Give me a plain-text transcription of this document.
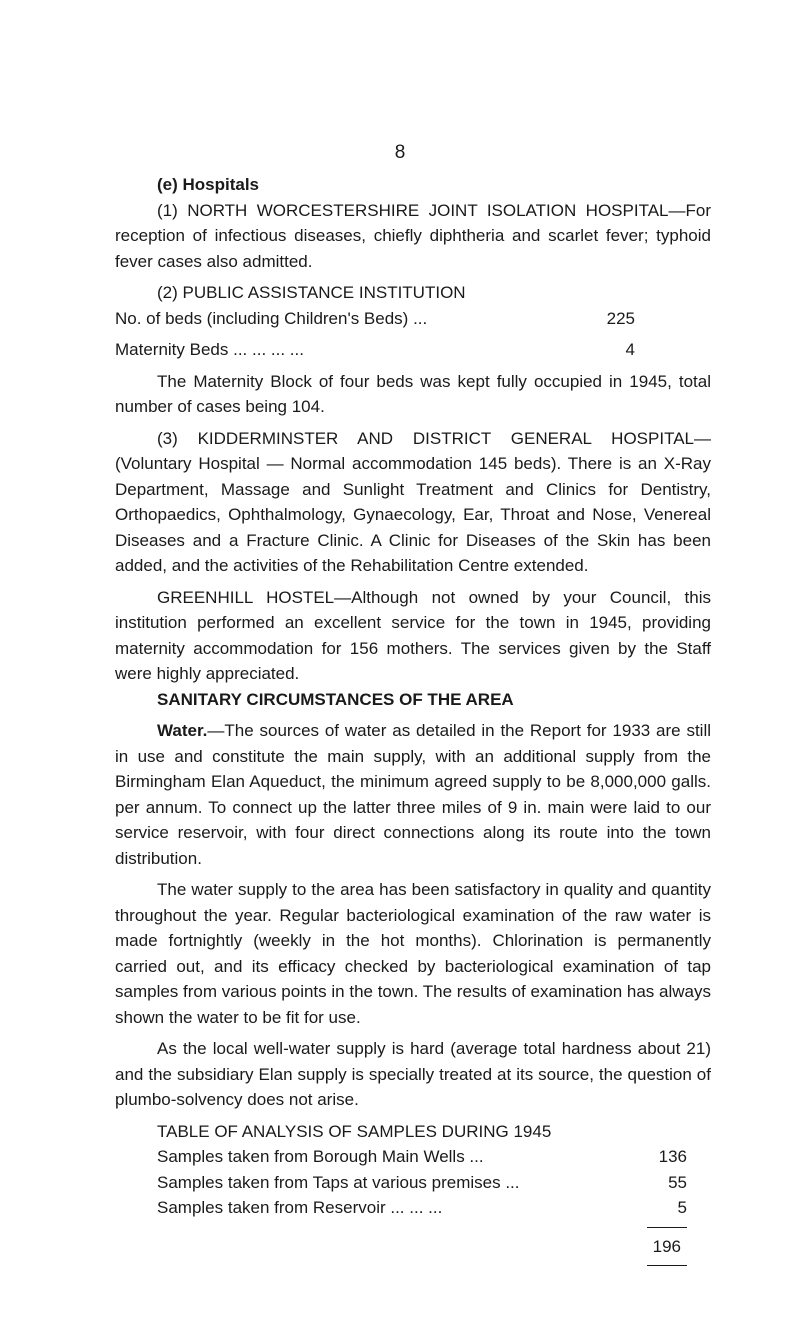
8

(e) Hospitals

(1) NORTH WORCESTERSHIRE JOINT ISOLATION HOSPITAL—For reception of infectious diseases, chiefly diphtheria and scarlet fever; typhoid fever cases also admitted.

(2) PUBLIC ASSISTANCE INSTITUTION

No. of beds (including Children's Beds) ...	225
Maternity Beds ... ... ... ...	4

The Maternity Block of four beds was kept fully occupied in 1945, total number of cases being 104.

(3) KIDDERMINSTER AND DISTRICT GENERAL HOSPITAL—(Voluntary Hospital — Normal accommodation 145 beds). There is an X-Ray Department, Massage and Sunlight Treatment and Clinics for Dentistry, Orthopaedics, Ophthalmology, Gynaecology, Ear, Throat and Nose, Venereal Diseases and a Fracture Clinic. A Clinic for Diseases of the Skin has been added, and the activities of the Rehabilitation Centre extended.

GREENHILL HOSTEL—Although not owned by your Council, this institution performed an excellent service for the town in 1945, providing maternity accommodation for 156 mothers. The services given by the Staff were highly appreciated.

SANITARY CIRCUMSTANCES OF THE AREA

Water.—The sources of water as detailed in the Report for 1933 are still in use and constitute the main supply, with an additional supply from the Birmingham Elan Aqueduct, the minimum agreed supply to be 8,000,000 galls. per annum. To connect up the latter three miles of 9 in. main were laid to our service reservoir, with four direct connections along its route into the town distribution.

The water supply to the area has been satisfactory in quality and quantity throughout the year. Regular bacteriological examination of the raw water is made fortnightly (weekly in the hot months). Chlorination is permanently carried out, and its efficacy checked by bacteriological examination of tap samples from various points in the town. The results of examination has always shown the water to be fit for use.

As the local well-water supply is hard (average total hardness about 21) and the subsidiary Elan supply is specially treated at its source, the question of plumbo-solvency does not arise.

TABLE OF ANALYSIS OF SAMPLES DURING 1945

Samples taken from Borough Main Wells ...	136
Samples taken from Taps at various premises ...	55
Samples taken from Reservoir ... ... ...	5
196
